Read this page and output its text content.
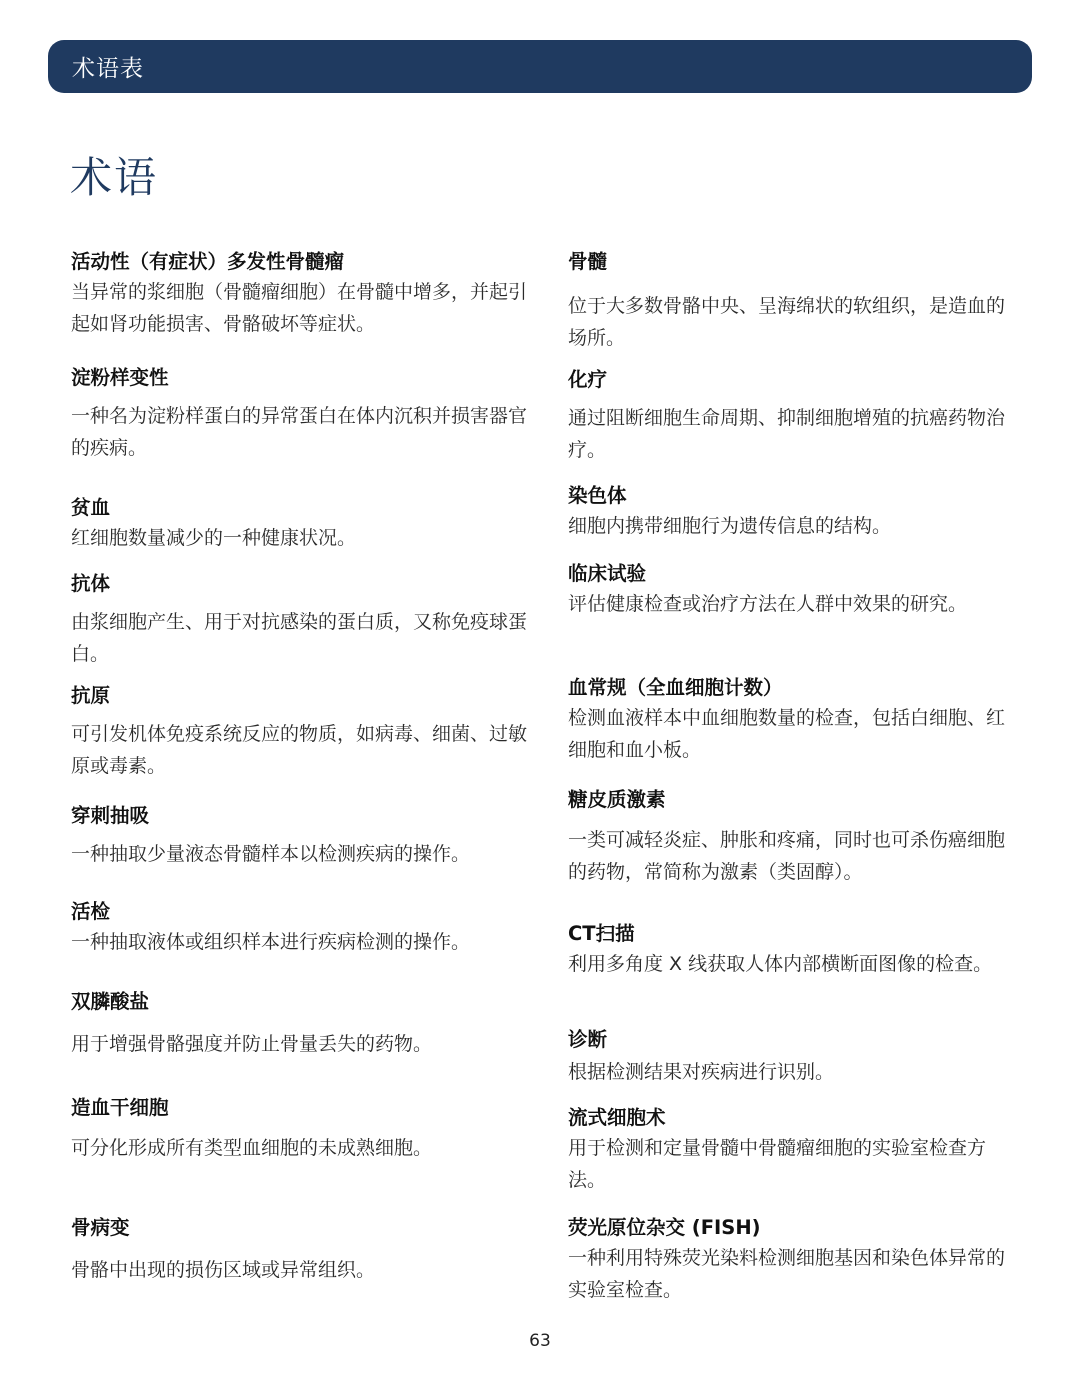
术语表
术语
活动性（有症状）多发性骨髓瘤
当异常的浆细胞（骨髓瘤细胞）在骨髓中增多，并起引起如肾功能损害、骨骼破坏等症状。
淀粉样变性
一种名为淀粉样蛋白的异常蛋白在体内沉积并损害器官的疾病。
贫血
红细胞数量减少的一种健康状况。
抗体
由浆细胞产生、用于对抗感染的蛋白质，又称免疫球蛋白。
抗原
可引发机体免疫系统反应的物质，如病毒、细菌、过敏原或毒素。
穿刺抽吸
一种抽取少量液态骨髓样本以检测疾病的操作。
活检
一种抽取液体或组织样本进行疾病检测的操作。
双膦酸盐
用于增强骨骼强度并防止骨量丢失的药物。
造血干细胞
可分化形成所有类型血细胞的未成熟细胞。
骨病变
骨骼中出现的损伤区域或异常组织。
骨髓
位于大多数骨骼中央、呈海绵状的软组织，是造血的场所。
化疗
通过阻断细胞生命周期、抑制细胞增殖的抗癌药物治疗。
染色体
细胞内携带细胞行为遗传信息的结构。
临床试验
评估健康检查或治疗方法在人群中效果的研究。
血常规（全血细胞计数）
检测血液样本中血细胞数量的检查，包括白细胞、红细胞和血小板。
糖皮质激素
一类可减轻炎症、肿胀和疼痛，同时也可杀伤癌细胞的药物，常简称为激素（类固醇）。
CT扫描
利用多角度 X 线获取人体内部横断面图像的检查。
诊断
根据检测结果对疾病进行识别。
流式细胞术
用于检测和定量骨髓中骨髓瘤细胞的实验室检查方法。
荧光原位杂交 (FISH)
一种利用特殊荧光染料检测细胞基因和染色体异常的实验室检查。
63
